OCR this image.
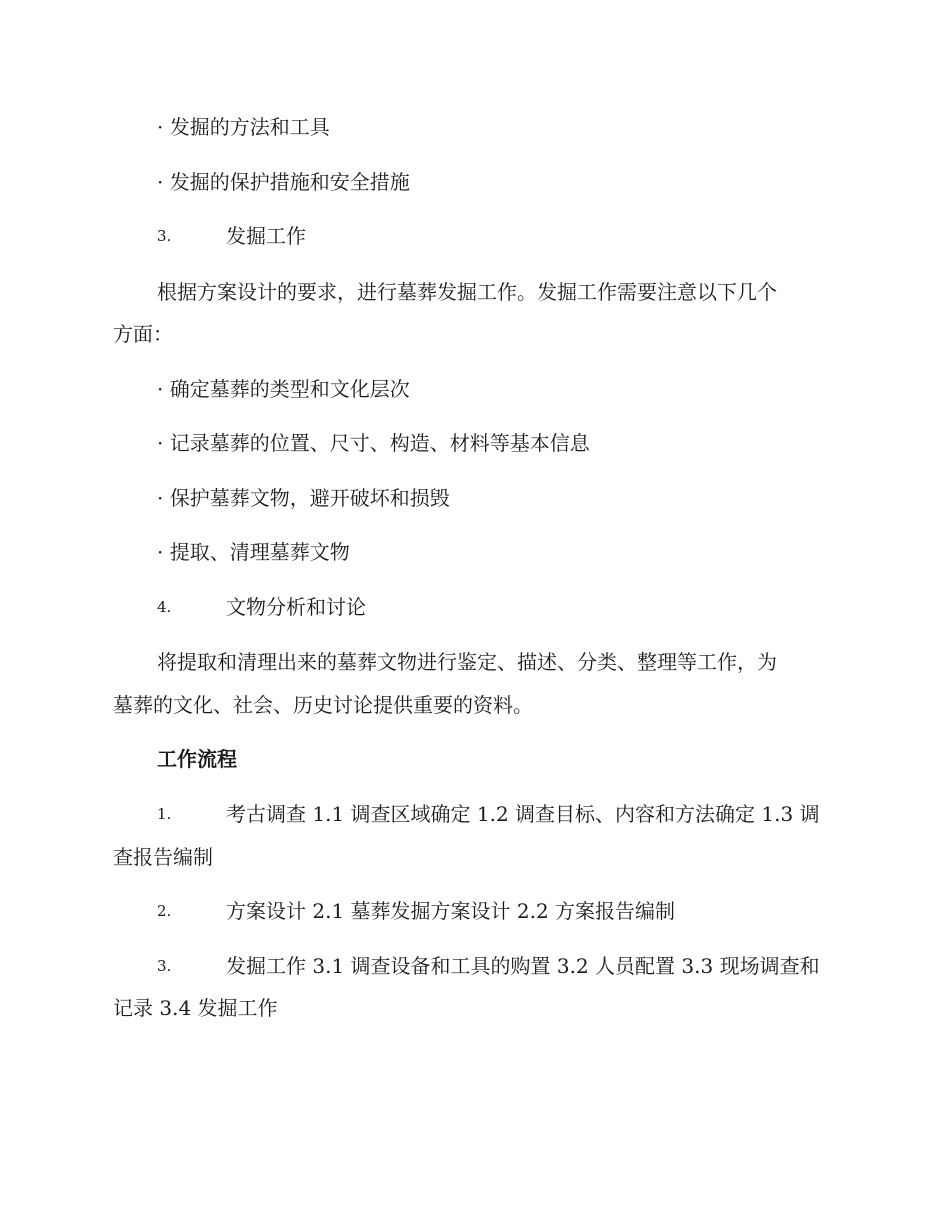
· 发掘的方法和工具
· 发掘的保护措施和安全措施
3.	发掘工作
根据方案设计的要求，进行墓葬发掘工作。发掘工作需要注意以下几个
方面：
· 确定墓葬的类型和文化层次
· 记录墓葬的位置、尺寸、构造、材料等基本信息
· 保护墓葬文物，避开破坏和损毁
· 提取、清理墓葬文物
4.	文物分析和讨论
将提取和清理出来的墓葬文物进行鉴定、描述、分类、整理等工作，为
墓葬的文化、社会、历史讨论提供重要的资料。
工作流程
1.	考古调查 1.1 调查区域确定 1.2 调查目标、内容和方法确定 1.3 调
查报告编制
2.	方案设计 2.1 墓葬发掘方案设计 2.2 方案报告编制
3.	发掘工作 3.1 调查设备和工具的购置 3.2 人员配置 3.3 现场调查和
记录 3.4 发掘工作
